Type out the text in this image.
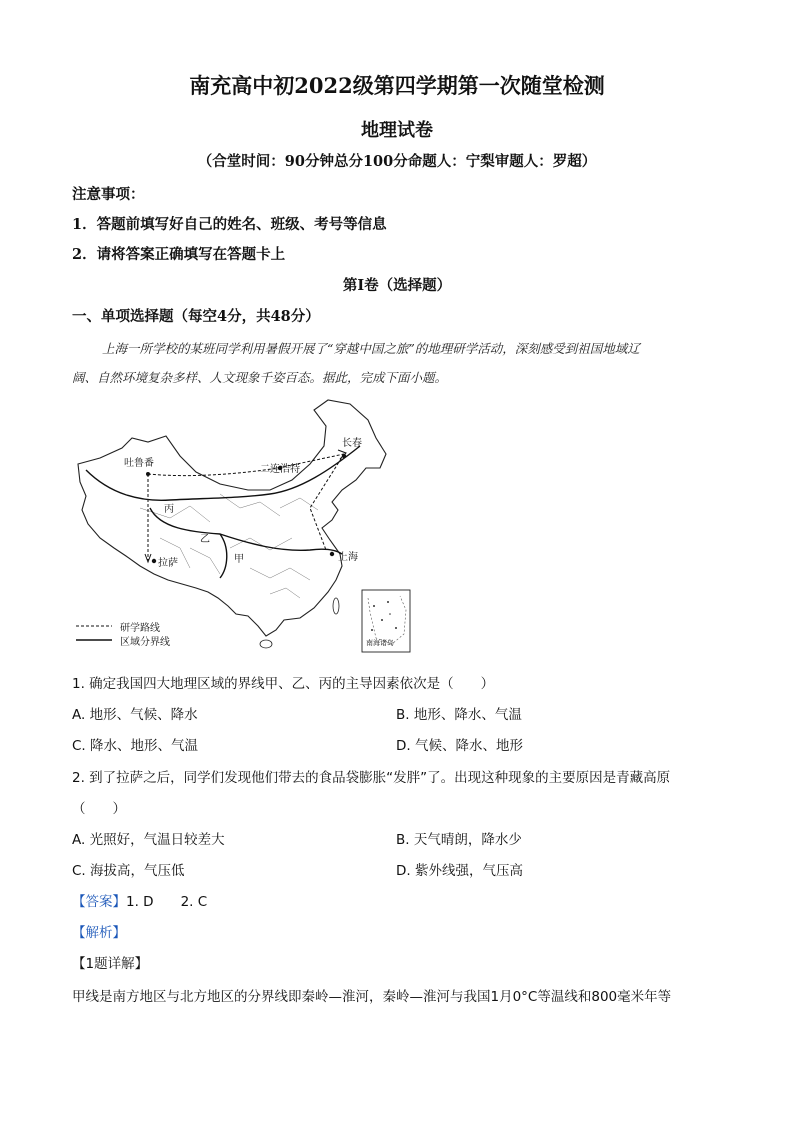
南充高中初2022级第四学期第一次随堂检测
地理试卷
（合堂时间：90分钟总分100分命题人：宁梨审题人：罗超）
注意事项：
1．答题前填写好自己的姓名、班级、考号等信息
2．请将答案正确填写在答题卡上
第Ⅰ卷（选择题）
一、单项选择题（每空4分，共48分）
上海一所学校的某班同学利用暑假开展了“穿越中国之旅”的地理研学活动，深刻感受到祖国地域辽
阔、自然环境复杂多样、人文现象千姿百态。据此，完成下面小题。
吐鲁番
丙
拉萨
乙
甲
二连浩特
长春
上海
南海诸岛
研学路线
区域分界线
1. 确定我国四大地理区域的界线甲、乙、丙的主导因素依次是（　　）
A. 地形、气候、降水	B. 地形、降水、气温
C. 降水、地形、气温	D. 气候、降水、地形
2. 到了拉萨之后，同学们发现他们带去的食品袋膨胀“发胖”了。出现这种现象的主要原因是青藏高原
（　　）
A. 光照好，气温日较差大	B. 天气晴朗，降水少
C. 海拔高，气压低	D. 紫外线强，气压高
【答案】1. D　　2. C
【解析】
【1题详解】
甲线是南方地区与北方地区的分界线即秦岭—淮河，秦岭—淮河与我国1月0°C等温线和800毫米年等
